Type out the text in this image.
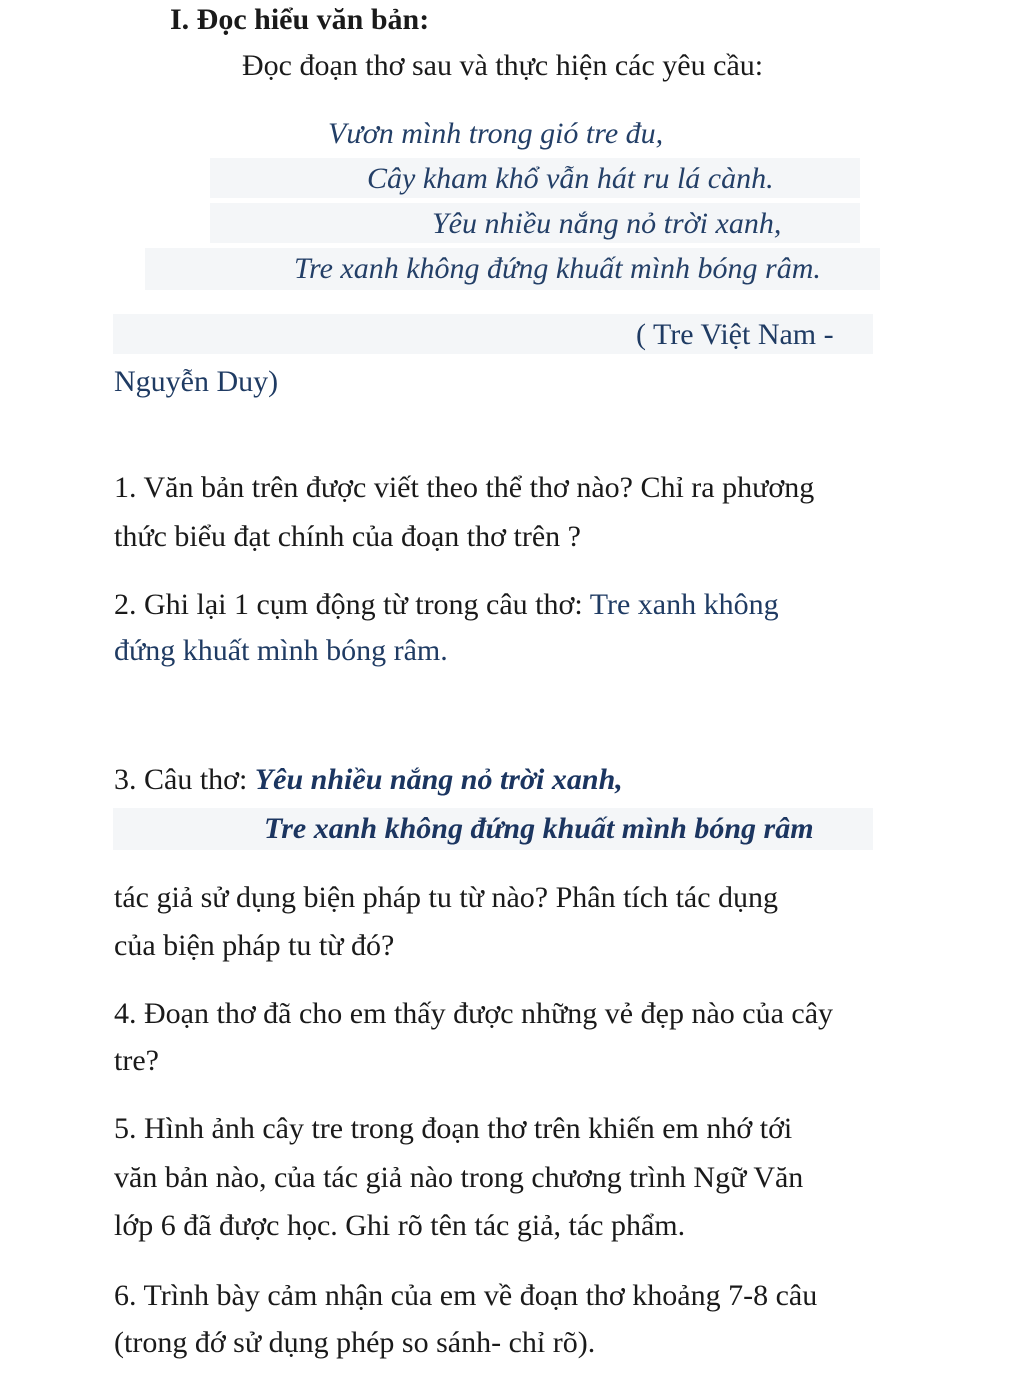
I. Đọc hiểu văn bản:
Đọc đoạn thơ sau và thực hiện các yêu cầu:
Vươn mình trong gió tre đu,
Cây kham khổ vẫn hát ru lá cành.
Yêu nhiều nắng nỏ trời xanh,
Tre xanh không đứng khuất mình bóng râm.
( Tre Việt Nam -
Nguyễn Duy)
1. Văn bản trên được viết theo thể thơ nào? Chỉ ra phương
thức biểu đạt chính của đoạn thơ trên ?
2. Ghi lại 1 cụm động từ trong câu thơ: Tre xanh không
đứng khuất mình bóng râm.
3. Câu thơ: Yêu nhiều nắng nỏ trời xanh,
Tre xanh không đứng khuất mình bóng râm
tác giả sử dụng biện pháp tu từ nào? Phân tích tác dụng
của biện pháp tu từ đó?
4. Đoạn thơ đã cho em thấy được những vẻ đẹp nào của cây
tre?
5. Hình ảnh cây tre trong đoạn thơ trên khiến em nhớ tới
văn bản nào, của tác giả nào trong chương trình Ngữ Văn
lớp 6 đã được học. Ghi rõ tên tác giả, tác phẩm.
6. Trình bày cảm nhận của em về đoạn thơ khoảng 7-8 câu
(trong đớ sử dụng phép so sánh- chỉ rõ).
